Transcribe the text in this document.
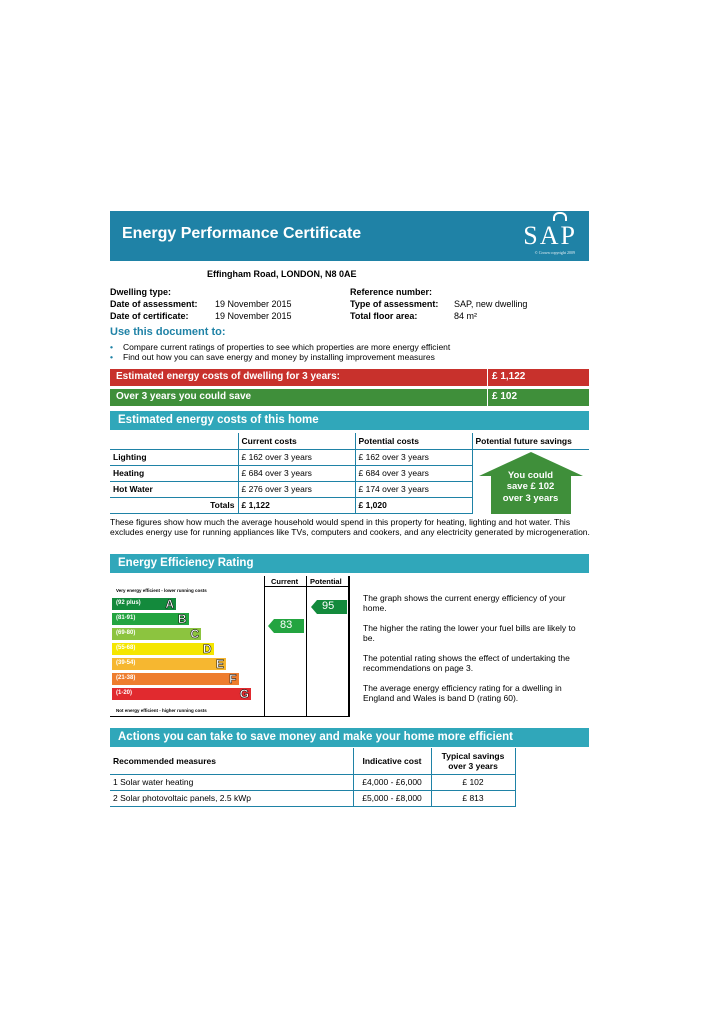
Energy Performance Certificate	SAP
© Crown copyright 2009
Effingham Road, LONDON, N8 0AE
Dwelling type:
Date of assessment: 19 November 2015
Date of certificate:	19 November 2015
Reference number:
Type of assessment: SAP, new dwelling
Total floor area:	84 m²
Use this document to:
• Compare current ratings of properties to see which properties are more energy efficient
• Find out how you can save energy and money by installing improvement measures
Estimated energy costs of dwelling for 3 years:	£ 1,122
Over 3 years you could save	£ 102
Estimated energy costs of this home
	Current costs	Potential costs	Potential future savings
Lighting	£ 162 over 3 years	£ 162 over 3 years	You could
save £ 102
over 3 years

Heating	£ 684 over 3 years	£ 684 over 3 years	
Hot Water	£ 276 over 3 years	£ 174 over 3 years	
Totals	£ 1,122	£ 1,020	
These figures show how much the average household would spend in this property for heating, lighting and hot water. This excludes energy use for running appliances like TVs, computers and cookers, and any electricity generated by microgeneration.
Energy Efficiency Rating
Current Potential
Very energy efficient - lower running costs
Not energy efficient - higher running costs
(92 plus) A
(81-91)	B
(69-80)	C
(55-68)	D
(39-54)	E
(21-38)	F
(1-20)	G
83
95
The graph shows the current energy efficiency of your home.
The higher the rating the lower your fuel bills are likely to be.
The potential rating shows the effect of undertaking the recommendations on page 3.
The average energy efficiency rating for a dwelling in England and Wales is band D (rating 60).
Actions you can take to save money and make your home more efficient
Recommended measures	Indicative cost	Typical savings over 3 years
1 Solar water heating	£4,000 - £6,000	£ 102
2 Solar photovoltaic panels, 2.5 kWp	£5,000 - £8,000	£ 813
